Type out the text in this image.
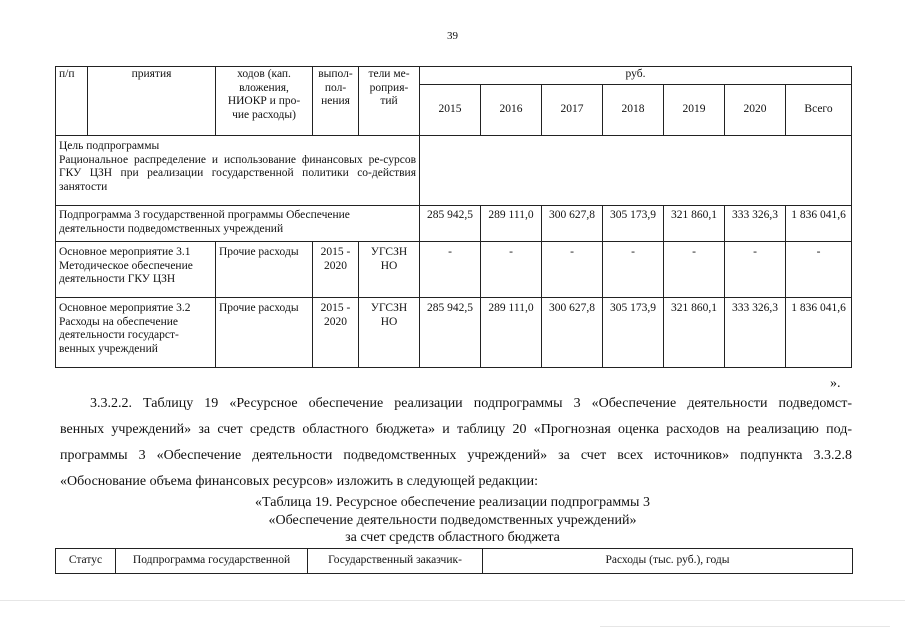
39
п/п	приятия	ходов (кап. вложения, НИОКР и про- чие расходы)	выпол- пол- нения	тели ме- роприя- тий	руб.						
					2015	2016	2017	2018	2019	2020	Всего

Цель подпрограммы
Рациональное распределение и использование финансовых ре-сурсов ГКУ ЦЗН при реализации государственной политики со-действия занятости											

Подпрограмма 3 государственной программы Обеспечение деятельности подведомственных учреждений					285 942,5	289 111,0	300 627,8	305 173,9	321 860,1	333 326,3	1 836 041,6
Основное мероприятие 3.1 Методическое обеспечение деятельности ГКУ ЦЗН		Прочие расходы	2015 - 2020	УГСЗН НО	-	-	-	-	-	-	-
Основное мероприятие 3.2 Расходы на обеспечение деятельности государст-венных учреждений		Прочие расходы	2015 - 2020	УГСЗН НО	285 942,5	289 111,0	300 627,8	305 173,9	321 860,1	333 326,3	1 836 041,6
».
3.3.2.2. Таблицу 19 «Ресурсное обеспечение реализации подпрограммы 3 «Обеспечение деятельности подведомст-
венных учреждений» за счет средств областного бюджета» и таблицу 20 «Прогнозная оценка расходов на реализацию под-
программы 3 «Обеспечение деятельности подведомственных учреждений» за счет всех источников» подпункта 3.3.2.8
«Обоснование объема финансовых ресурсов» изложить в следующей редакции:
«Таблица 19. Ресурсное обеспечение реализации подпрограммы 3
«Обеспечение деятельности подведомственных учреждений»
за счет средств областного бюджета
Статус	Подпрограмма государственной	Государственный заказчик-	Расходы (тыс. руб.), годы
